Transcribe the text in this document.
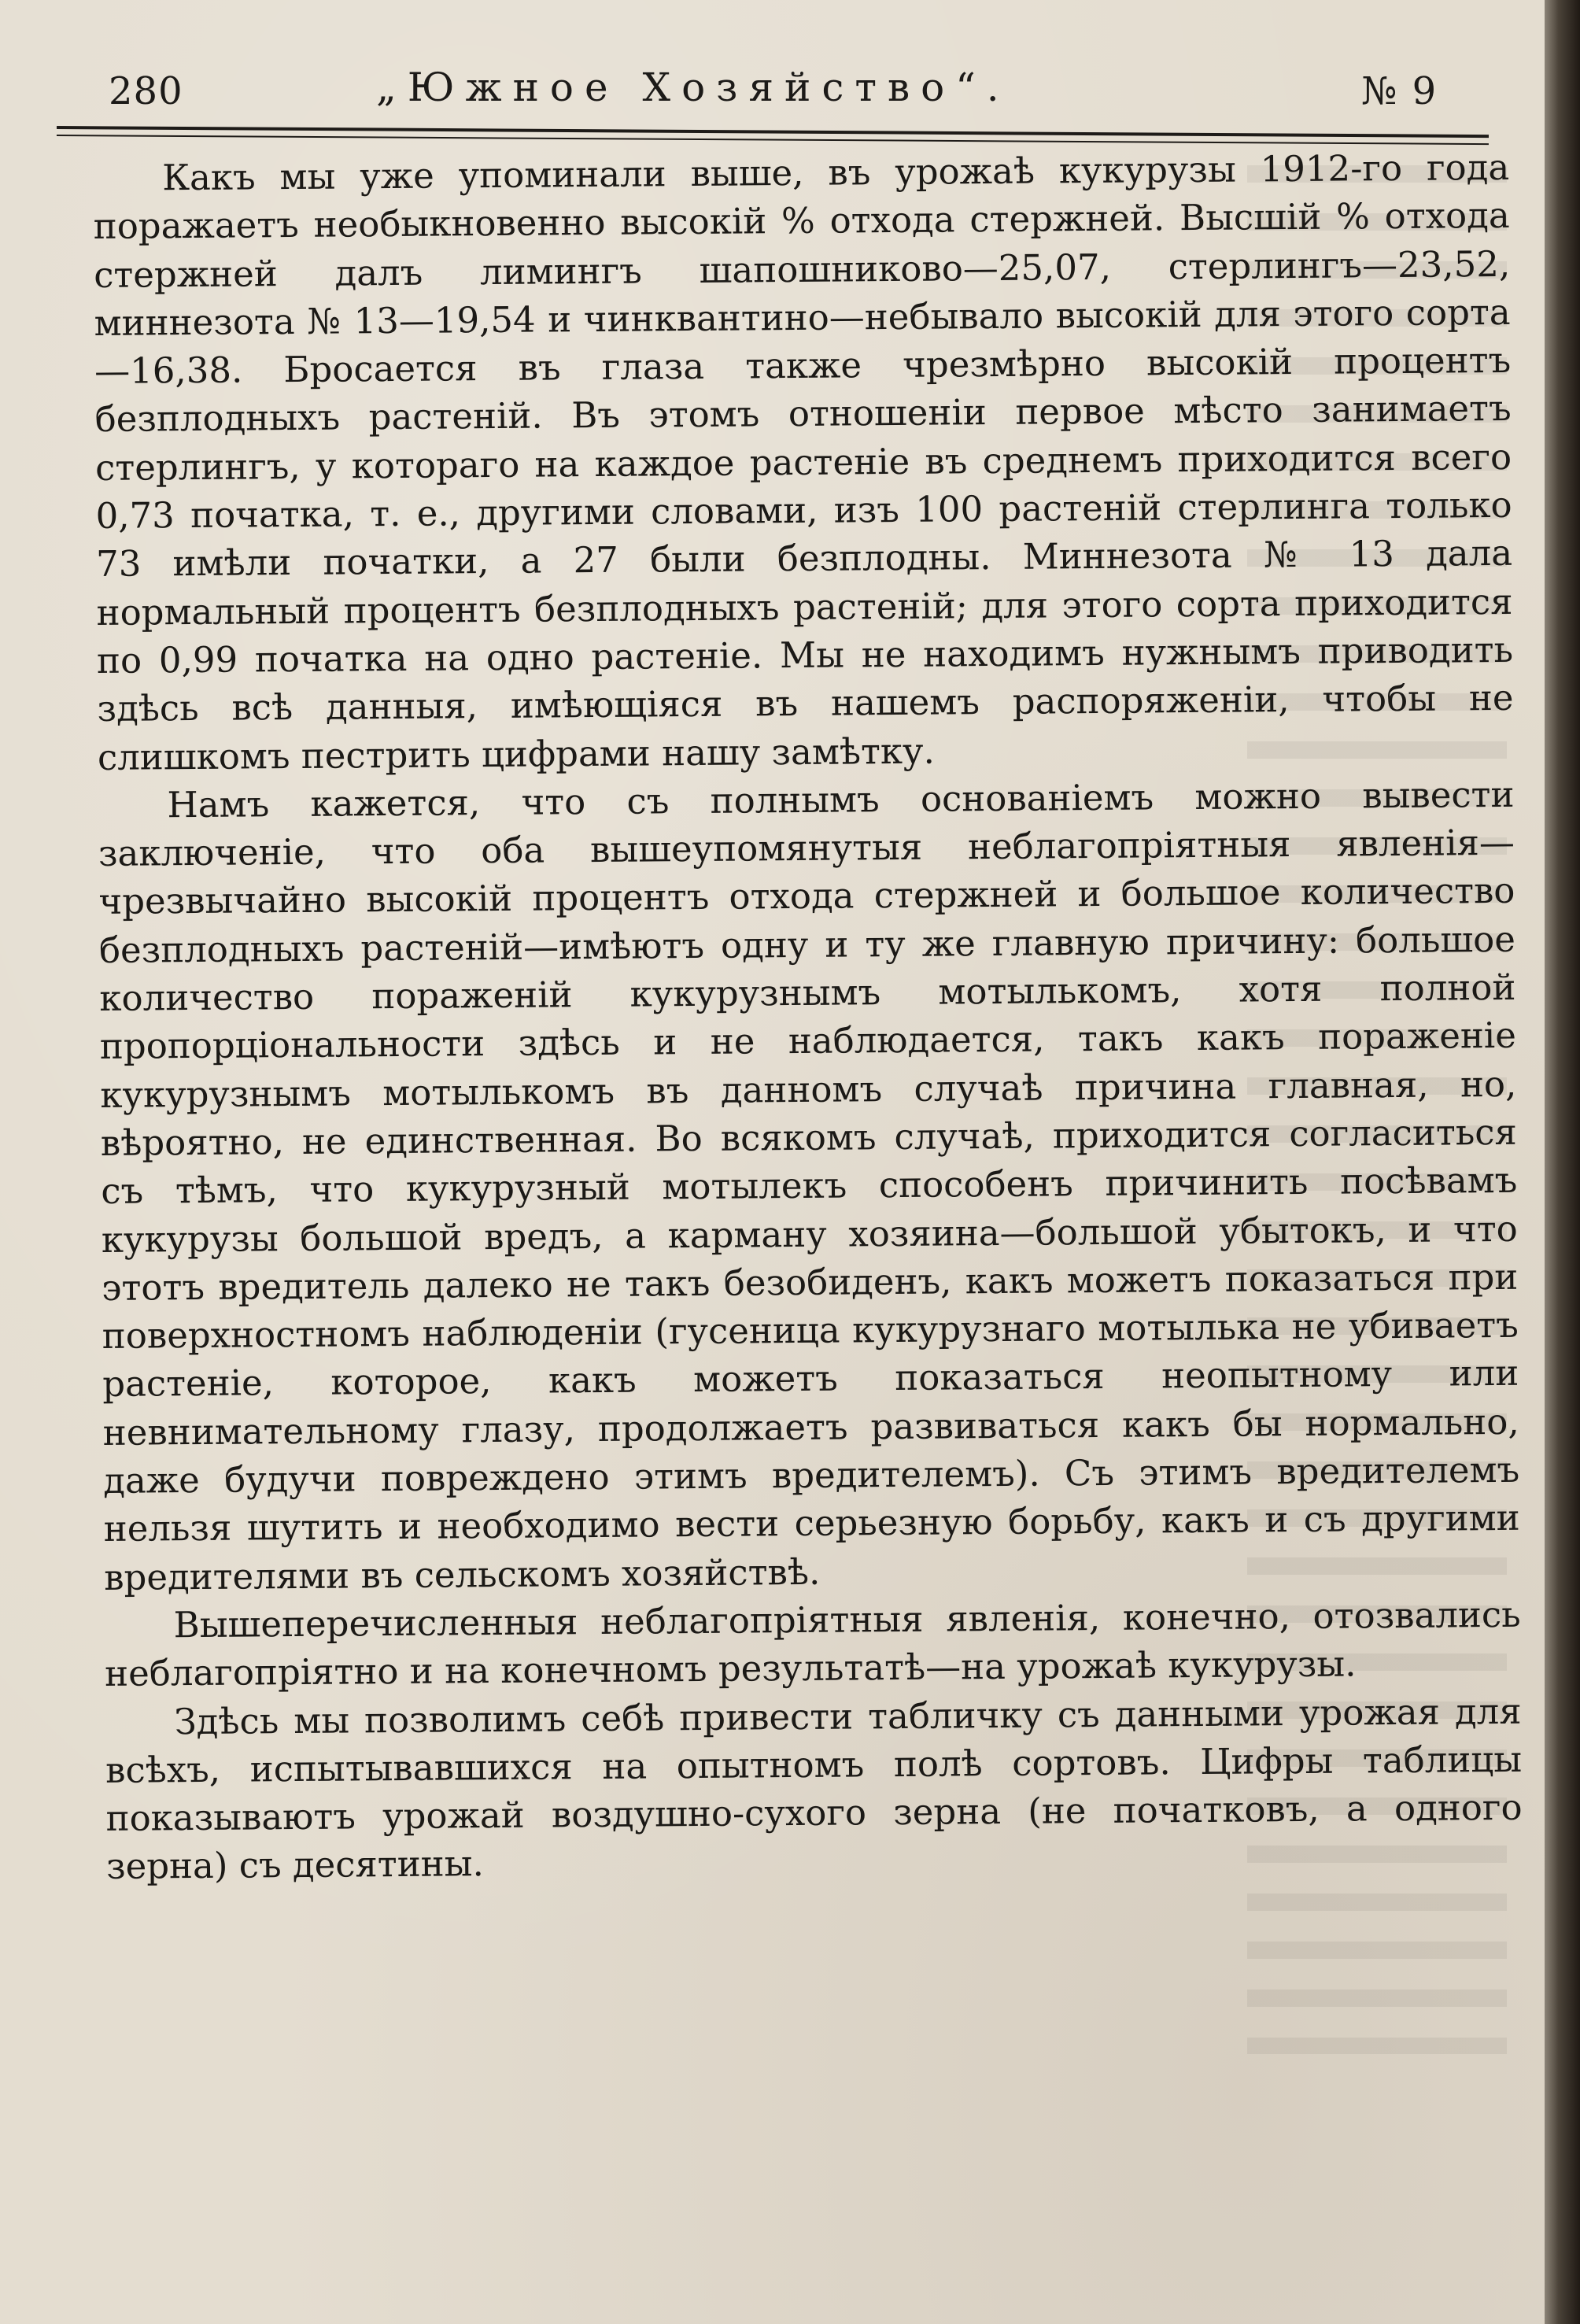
280	„Южное Хозяйство“.	№ 9

Какъ мы уже упоминали выше, въ урожаѣ кукурузы 1912-го года поражаетъ необыкновенно высокій % отхода стержней. Высшій % отхода стержней далъ лимингъ шапошниково—25,07, стерлингъ—23,52, миннезота № 13—19,54 и чинквантино—небывало высокій для этого сорта—16,38. Бросается въ глаза также чрезмѣрно высокій процентъ безплодныхъ растеній. Въ этомъ отношеніи первое мѣсто занимаетъ стерлингъ, у котораго на каждое растеніе въ среднемъ приходится всего 0,73 початка, т. е., другими словами, изъ 100 растеній стерлинга только 73 имѣли початки, а 27 были безплодны. Миннезота № 13 дала нормальный процентъ безплодныхъ растеній; для этого сорта приходится по 0,99 початка на одно растеніе. Мы не находимъ нужнымъ приводить здѣсь всѣ данныя, имѣющіяся въ нашемъ распоряженіи, чтобы не слишкомъ пестрить цифрами нашу замѣтку.

Намъ кажется, что съ полнымъ основаніемъ можно вывести заключеніе, что оба вышеупомянутыя неблагопріятныя явленія—чрезвычайно высокій процентъ отхода стержней и большое количество безплодныхъ растеній—имѣютъ одну и ту же главную причину: большое количество пораженій кукурузнымъ мотылькомъ, хотя полной пропорціональности здѣсь и не наблюдается, такъ какъ пораженіе кукурузнымъ мотылькомъ въ данномъ случаѣ причина главная, но, вѣроятно, не единственная. Во всякомъ случаѣ, приходится согласиться съ тѣмъ, что кукурузный мотылекъ способенъ причинить посѣвамъ кукурузы большой вредъ, а карману хозяина—большой убытокъ, и что этотъ вредитель далеко не такъ безобиденъ, какъ можетъ показаться при поверхностномъ наблюденіи (гусеница кукурузнаго мотылька не убиваетъ растеніе, которое, какъ можетъ показаться неопытному или невнимательному глазу, продолжаетъ развиваться какъ бы нормально, даже будучи повреждено этимъ вредителемъ). Съ этимъ вредителемъ нельзя шутить и необходимо вести серьезную борьбу, какъ и съ другими вредителями въ сельскомъ хозяйствѣ.

Вышеперечисленныя неблагопріятныя явленія, конечно, отозвались неблагопріятно и на конечномъ результатѣ—на урожаѣ кукурузы.

Здѣсь мы позволимъ себѣ привести табличку съ данными урожая для всѣхъ, испытывавшихся на опытномъ полѣ сортовъ. Цифры таблицы показываютъ урожай воздушно-сухого зерна (не початковъ, а одного зерна) съ десятины.
